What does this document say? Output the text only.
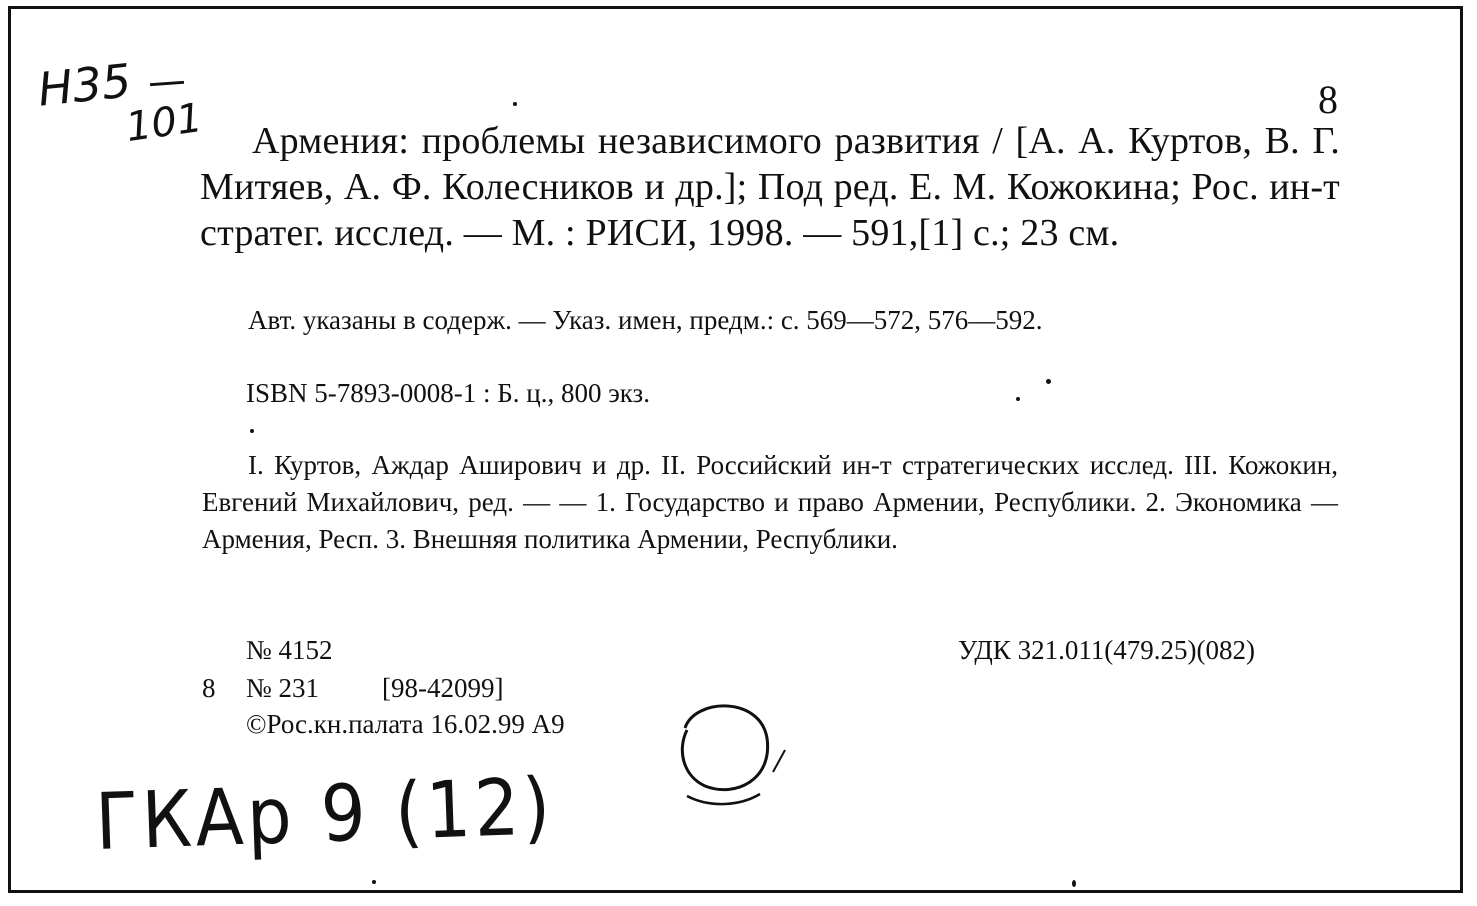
Н35
101	8
Армения: проблемы независимого развития / [А. А. Куртов, В. Г. Митяев, А. Ф. Колесников и др.]; Под ред. Е. М. Кожокина; Рос. ин-т стратег. исслед. — М. : РИСИ, 1998. — 591,[1] с.; 23 см.
Авт. указаны в содерж. — Указ. имен, предм.: с. 569—572, 576—592.
ISBN 5-7893-0008-1 : Б. ц., 800 экз.
I. Куртов, Аждар Аширович и др. II. Российский ин-т стратегических исслед. III. Кожокин, Евгений Михайлович, ред. — — 1. Государство и право Армении, Республики. 2. Экономика — Армения, Респ. 3. Внешняя политика Армении, Республики.
№ 4152	УДК 321.011(479.25)(082)
8 № 231 [98-42099]
©Рос.кн.палата 16.02.99 А9
ГКАр 9 (12)
